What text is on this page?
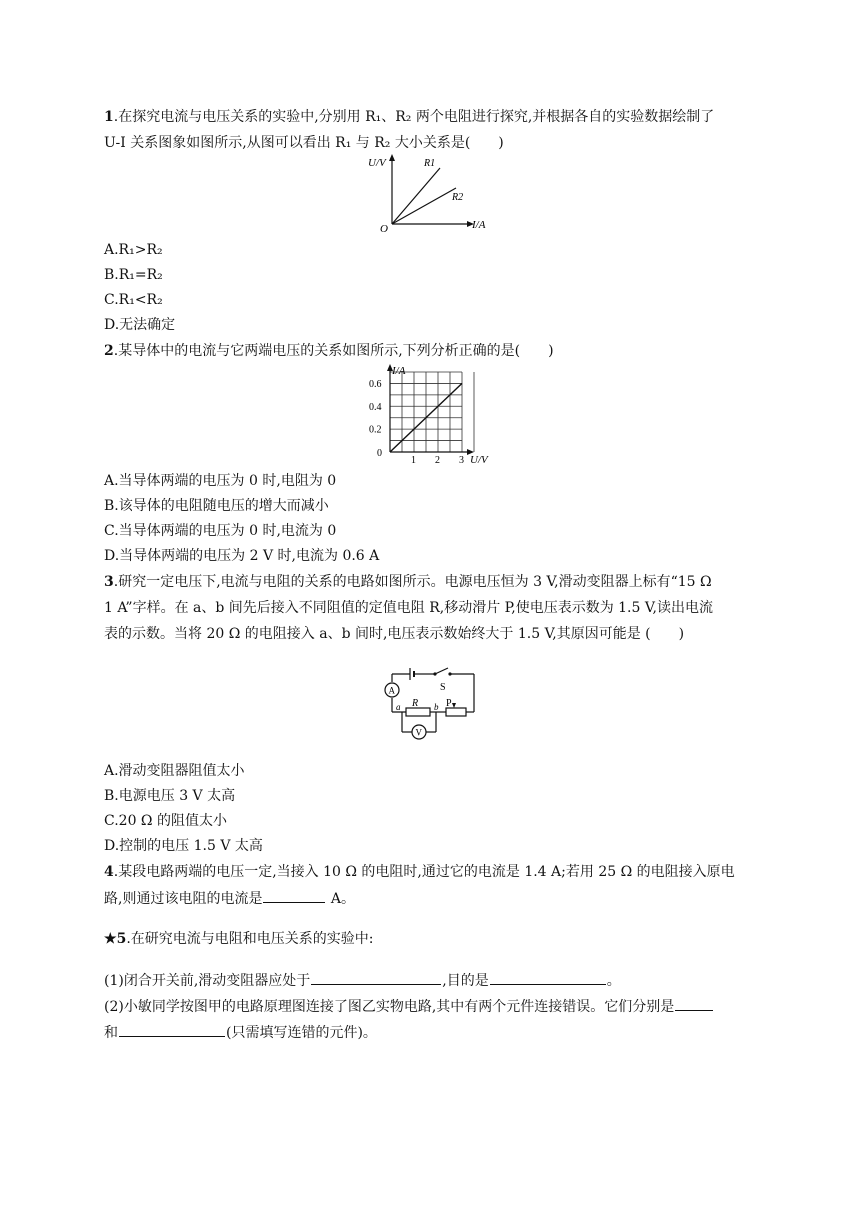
1.在探究电流与电压关系的实验中,分别用 R₁、R₂ 两个电阻进行探究,并根据各自的实验数据绘制了
U-I 关系图象如图所示,从图可以看出 R₁ 与 R₂ 大小关系是(　　)
U/V
I/A
O
R1
R2
A.R₁>R₂
B.R₁=R₂
C.R₁<R₂
D.无法确定
2.某导体中的电流与它两端电压的关系如图所示,下列分析正确的是(　　)
I/A
U/V
0
0.2
0.4
0.6
1 2 3
A.当导体两端的电压为 0 时,电阻为 0
B.该导体的电阻随电压的增大而减小
C.当导体两端的电压为 0 时,电流为 0
D.当导体两端的电压为 2 V 时,电流为 0.6 A
3.研究一定电压下,电流与电阻的关系的电路如图所示。电源电压恒为 3 V,滑动变阻器上标有“15 Ω
1 A”字样。在 a、b 间先后接入不同阻值的定值电阻 R,移动滑片 P,使电压表示数为 1.5 V,读出电流
表的示数。当将 20 Ω 的电阻接入 a、b 间时,电压表示数始终大于 1.5 V,其原因可能是 (　　)
S
A
R
a	b P
V
A.滑动变阻器阻值太小
B.电源电压 3 V 太高
C.20 Ω 的阻值太小
D.控制的电压 1.5 V 太高
4.某段电路两端的电压一定,当接入 10 Ω 的电阻时,通过它的电流是 1.4 A;若用 25 Ω 的电阻接入原电
路,则通过该电阻的电流是	A。
★5.在研究电流与电阻和电压关系的实验中:
(1)闭合开关前,滑动变阻器应处于	,目的是	。
(2)小敏同学按图甲的电路原理图连接了图乙实物电路,其中有两个元件连接错误。它们分别是
和	(只需填写连错的元件)。
